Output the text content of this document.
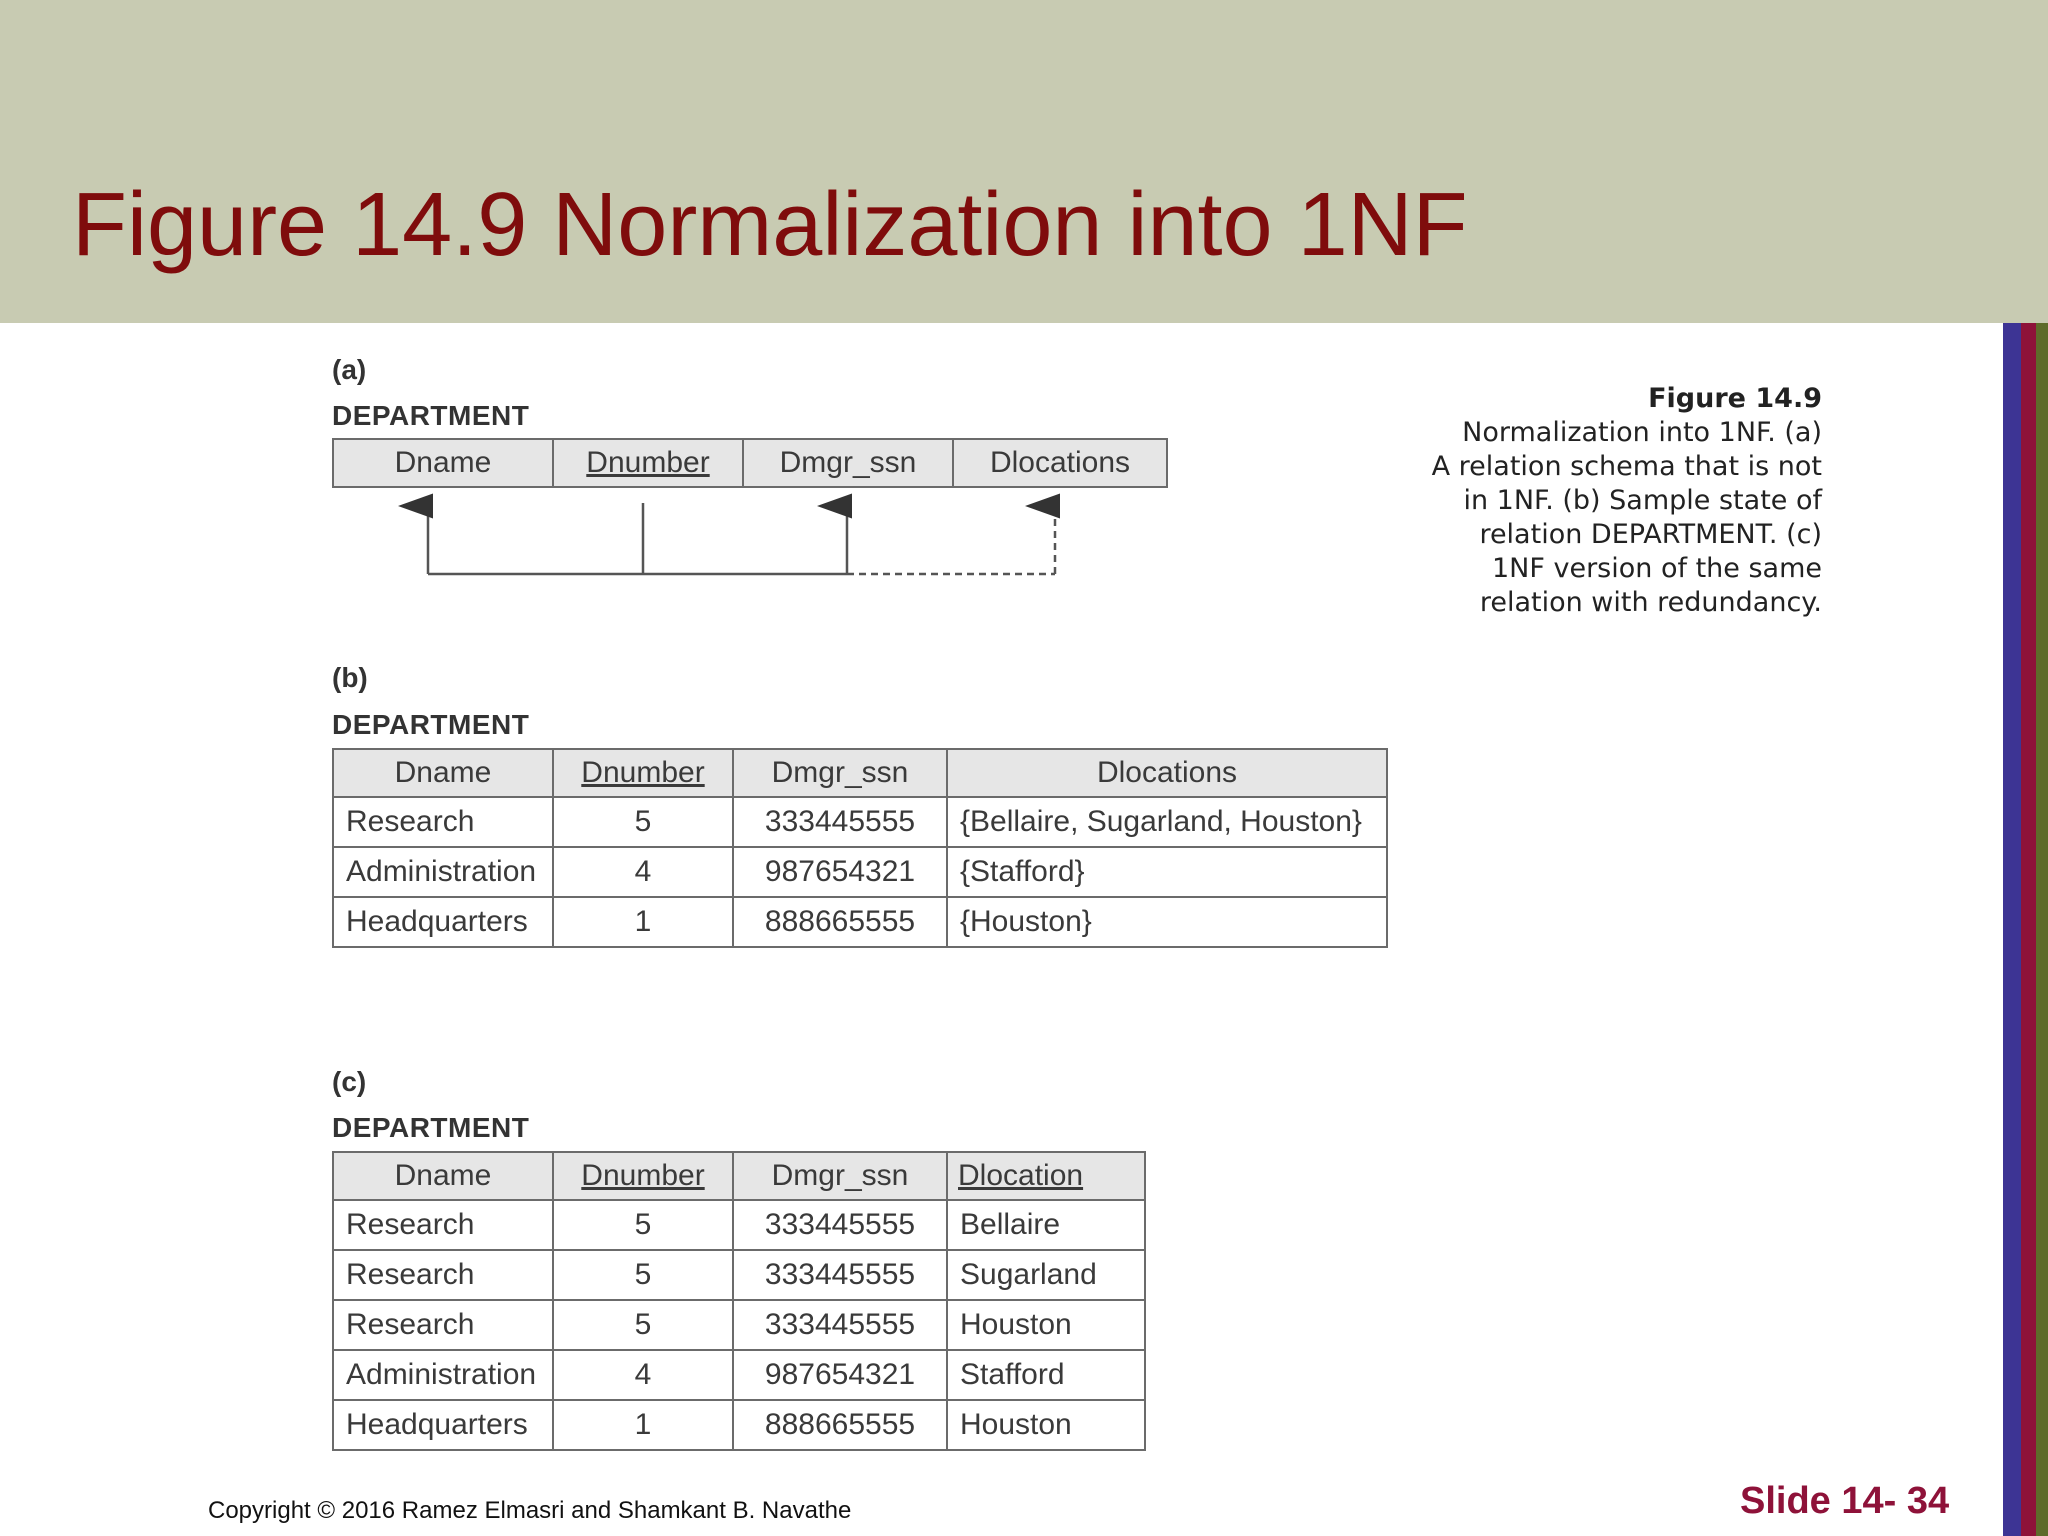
Figure 14.9 Normalization into 1NF
(a)
DEPARTMENT
Dname	Dnumber	Dmgr_ssn	Dlocations
Figure 14.9
Normalization into 1NF. (a)
A relation schema that is not
in 1NF. (b) Sample state of
relation DEPARTMENT. (c)
1NF version of the same
relation with redundancy.
(b)
DEPARTMENT
Dname	Dnumber	Dmgr_ssn	Dlocations
Research	5	333445555	{Bellaire, Sugarland, Houston}
Administration	4	987654321	{Stafford}
Headquarters	1	888665555	{Houston}
(c)
DEPARTMENT
Dname	Dnumber	Dmgr_ssn	Dlocation
Research	5	333445555	Bellaire
Research	5	333445555	Sugarland
Research	5	333445555	Houston
Administration	4	987654321	Stafford
Headquarters	1	888665555	Houston
Copyright © 2016 Ramez Elmasri and Shamkant B. Navathe	Slide 14- 34
